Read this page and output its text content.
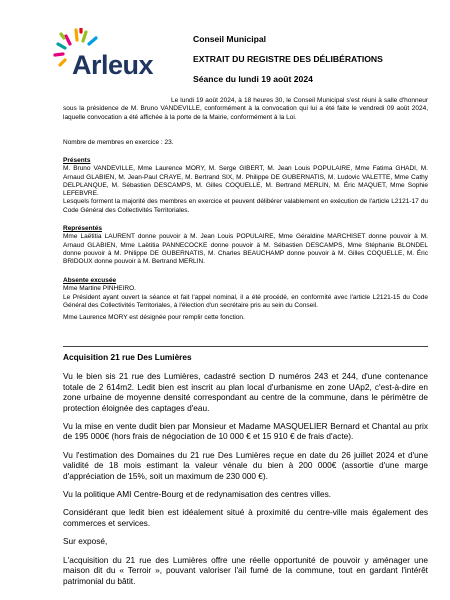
Arleux
Conseil Municipal
EXTRAIT DU REGISTRE DES DÉLIBÉRATIONS
Séance du lundi 19 août 2024
Le lundi 19 août 2024, à 18 heures 30, le Conseil Municipal s'est réuni à salle d'honneur sous la présidence de M. Bruno VANDEVILLE, conformément à la convocation qui lui a été faite le vendredi 09 août 2024, laquelle convocation a été affichée à la porte de la Mairie, conformément à la Loi.
Nombre de membres en exercice : 23.
Présents
M. Bruno VANDEVILLE, Mme Laurence MORY, M. Serge GIBERT, M. Jean Louis POPULAIRE, Mme Fatima GHADI, M. Arnaud GLABIEN, M. Jean-Paul CRAYE, M. Bertrand SIX, M. Philippe DE GUBERNATIS, M. Ludovic VALETTE, Mme Cathy DELPLANQUE, M. Sébastien DESCAMPS, M. Gilles COQUELLE, M. Bertrand MERLIN, M. Éric MAQUET, Mme Sophie LEFEBVRE.
Lesquels forment la majorité des membres en exercice et peuvent délibérer valablement en exécution de l'article L2121-17 du Code Général des Collectivités Territoriales.
Représentés
Mme Laëtitia LAURENT donne pouvoir à M. Jean Louis POPULAIRE, Mme Géraldine MARCHISET donne pouvoir à M. Arnaud GLABIEN, Mme Laëtitia PANNECOCKE donne pouvoir à M. Sébastien DESCAMPS, Mme Stéphanie BLONDEL donne pouvoir à M. Philippe DE GUBERNATIS, M. Charles BEAUCHAMP donne pouvoir à M. Gilles COQUELLE, M. Éric BRIDOUX donne pouvoir à M. Bertrand MERLIN.
Absente excusée
Mme Martine PINHEIRO.
Le Président ayant ouvert la séance et fait l'appel nominal, il a été procédé, en conformité avec l'article L2121-15 du Code Général des Collectivités Territoriales, à l'élection d'un secrétaire pris au sein du Conseil.
Mme Laurence MORY est désignée pour remplir cette fonction.
Acquisition 21 rue Des Lumières
Vu le bien sis 21 rue des Lumières, cadastré section D numéros 243 et 244, d'une contenance totale de 2 614m2. Ledit bien est inscrit au plan local d'urbanisme en zone UAp2, c'est-à-dire en zone urbaine de moyenne densité correspondant au centre de la commune, dans le périmètre de protection éloignée des captages d'eau.
Vu la mise en vente dudit bien par Monsieur et Madame MASQUELIER Bernard et Chantal au prix de 195 000€ (hors frais de négociation de 10 000 € et 15 910 € de frais d'acte).
Vu l'estimation des Domaines du 21 rue Des Lumières reçue en date du 26 juillet 2024 et d'une validité de 18 mois estimant la valeur vénale du bien à 200 000€ (assortie d'une marge d'appréciation de 15%, soit un maximum de 230 000 €).
Vu la politique AMI Centre-Bourg et de redynamisation des centres villes.
Considérant que ledit bien est idéalement situé à proximité du centre-ville mais également des commerces et services.
Sur exposé,
L'acquisition du 21 rue des Lumières offre une réelle opportunité de pouvoir y aménager une maison dit du « Terroir », pouvant valoriser l'ail fumé de la commune, tout en gardant l'intérêt patrimonial du bâtit.
